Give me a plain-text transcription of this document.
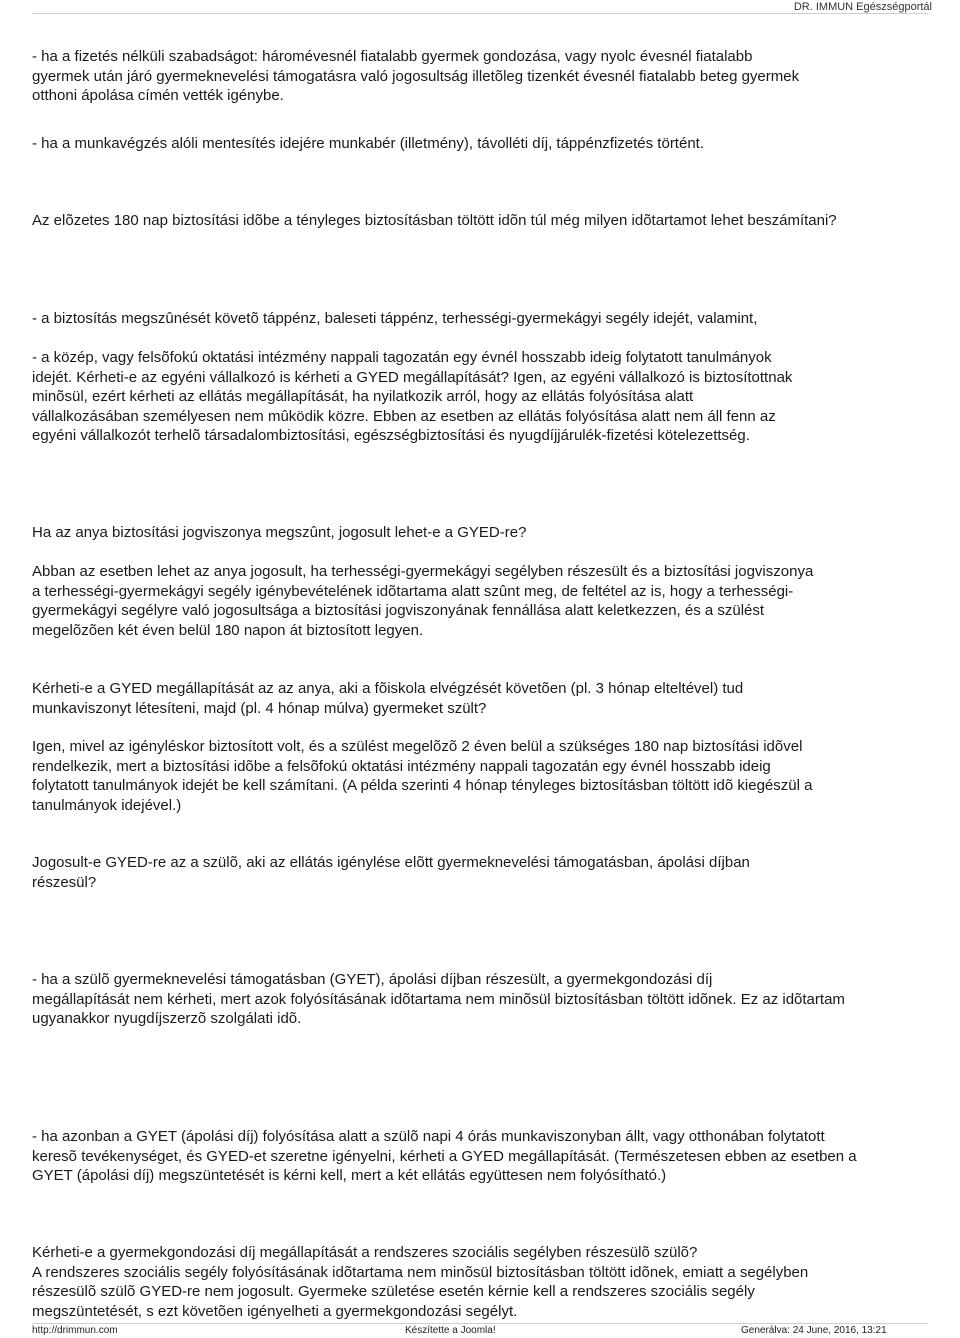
DR. IMMUN Egészségportál
- ha a fizetés nélküli szabadságot: háromévesnél fiatalabb gyermek gondozása, vagy nyolc évesnél fiatalabb
gyermek után járó gyermeknevelési támogatásra való jogosultság illetõleg tizenkét évesnél fiatalabb beteg gyermek
otthoni ápolása címén vették igénybe.
- ha a munkavégzés alóli mentesítés idejére munkabér (illetmény), távolléti díj, táppénzfizetés történt.
Az elõzetes 180 nap biztosítási idõbe a tényleges biztosításban töltött idõn túl még milyen idõtartamot lehet beszámítani?
- a biztosítás megszûnését követõ táppénz, baleseti táppénz, terhességi-gyermekágyi segély idejét, valamint,
- a közép, vagy felsõfokú oktatási intézmény nappali tagozatán egy évnél hosszabb ideig folytatott tanulmányok
idejét. Kérheti-e az egyéni vállalkozó is kérheti a GYED megállapítását? Igen, az egyéni vállalkozó is biztosítottnak
minõsül, ezért kérheti az ellátás megállapítását, ha nyilatkozik arról, hogy az ellátás folyósítása alatt
vállalkozásában személyesen nem mûködik közre. Ebben az esetben az ellátás folyósítása alatt nem áll fenn az
egyéni vállalkozót terhelõ társadalombiztosítási, egészségbiztosítási és nyugdíjjárulék-fizetési kötelezettség.
Ha az anya biztosítási jogviszonya megszûnt, jogosult lehet-e a GYED-re?
Abban az esetben lehet az anya jogosult, ha terhességi-gyermekágyi segélyben részesült és a biztosítási jogviszonya
a terhességi-gyermekágyi segély igénybevételének idõtartama alatt szûnt meg, de feltétel az is, hogy a terhességi-
gyermekágyi segélyre való jogosultsága a biztosítási jogviszonyának fennállása alatt keletkezzen, és a szülést
megelõzõen két éven belül 180 napon át biztosított legyen.
Kérheti-e a GYED megállapítását az az anya, aki a fõiskola elvégzését követõen (pl. 3 hónap elteltével) tud
munkaviszonyt létesíteni, majd (pl. 4 hónap múlva) gyermeket szült?
Igen, mivel az igényléskor biztosított volt, és a szülést megelõzõ 2 éven belül a szükséges 180 nap biztosítási idõvel
rendelkezik, mert a biztosítási idõbe a felsõfokú oktatási intézmény nappali tagozatán egy évnél hosszabb ideig
folytatott tanulmányok idejét be kell számítani. (A példa szerinti 4 hónap tényleges biztosításban töltött idõ kiegészül a
tanulmányok idejével.)
Jogosult-e GYED-re az a szülõ, aki az ellátás igénylése elõtt gyermeknevelési támogatásban, ápolási díjban
részesül?
- ha a szülõ gyermeknevelési támogatásban (GYET), ápolási díjban részesült, a gyermekgondozási díj
megállapítását nem kérheti, mert azok folyósításának idõtartama nem minõsül biztosításban töltött idõnek. Ez az idõtartam
ugyanakkor nyugdíjszerzõ szolgálati idõ.
- ha azonban a GYET (ápolási díj) folyósítása alatt a szülõ napi 4 órás munkaviszonyban állt, vagy otthonában folytatott
keresõ tevékenységet, és GYED-et szeretne igényelni, kérheti a GYED megállapítását. (Természetesen ebben az esetben a
GYET (ápolási díj) megszüntetését is kérni kell, mert a két ellátás együttesen nem folyósítható.)
Kérheti-e a gyermekgondozási díj megállapítását a rendszeres szociális segélyben részesülõ szülõ?
A rendszeres szociális segély folyósításának idõtartama nem minõsül biztosításban töltött idõnek, emiatt a segélyben
részesülõ szülõ GYED-re nem jogosult. Gyermeke születése esetén kérnie kell a rendszeres szociális segély
megszüntetését, s ezt követõen igényelheti a gyermekgondozási segélyt.
http://drimmun.com	Készítette a Joomla!	Generálva: 24 June, 2016, 13:21
